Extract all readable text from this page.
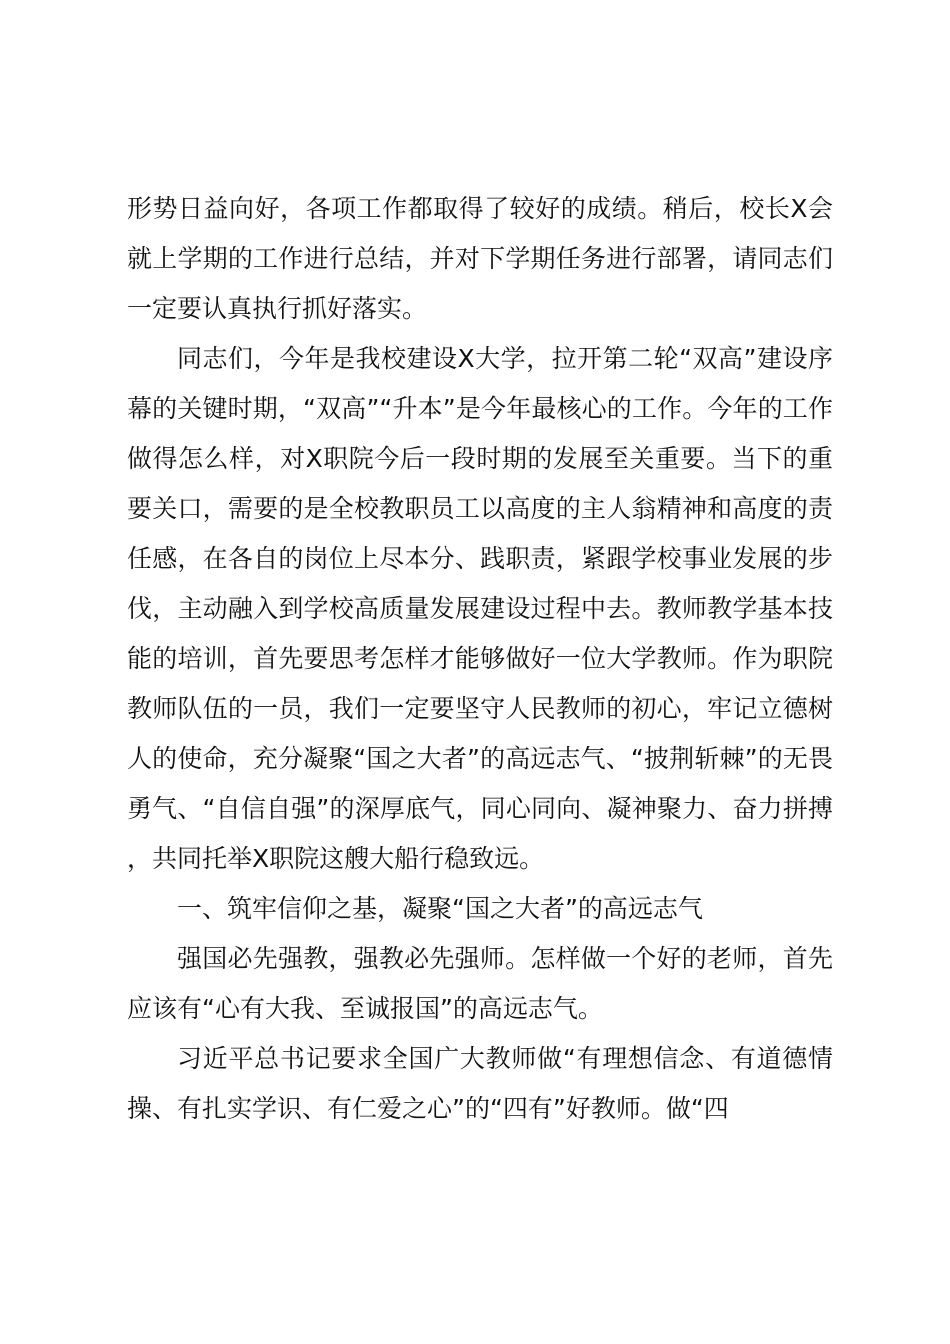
形势日益向好，各项工作都取得了较好的成绩。稍后，校长X会就上学期的工作进行总结，并对下学期任务进行部署，请同志们一定要认真执行抓好落实。

同志们，今年是我校建设X大学，拉开第二轮“双高”建设序幕的关键时期，“双高”“升本”是今年最核心的工作。今年的工作做得怎么样，对X职院今后一段时期的发展至关重要。当下的重要关口，需要的是全校教职员工以高度的主人翁精神和高度的责任感，在各自的岗位上尽本分、践职责，紧跟学校事业发展的步伐，主动融入到学校高质量发展建设过程中去。教师教学基本技能的培训，首先要思考怎样才能够做好一位大学教师。作为职院教师队伍的一员，我们一定要坚守人民教师的初心，牢记立德树人的使命，充分凝聚“国之大者”的高远志气、“披荆斩棘”的无畏勇气、“自信自强”的深厚底气，同心同向、凝神聚力、奋力拼搏，共同托举X职院这艘大船行稳致远。

一、筑牢信仰之基，凝聚“国之大者”的高远志气

强国必先强教，强教必先强师。怎样做一个好的老师，首先应该有“心有大我、至诚报国”的高远志气。

习近平总书记要求全国广大教师做“有理想信念、有道德情操、有扎实学识、有仁爱之心”的“四有”好教师。做“四
